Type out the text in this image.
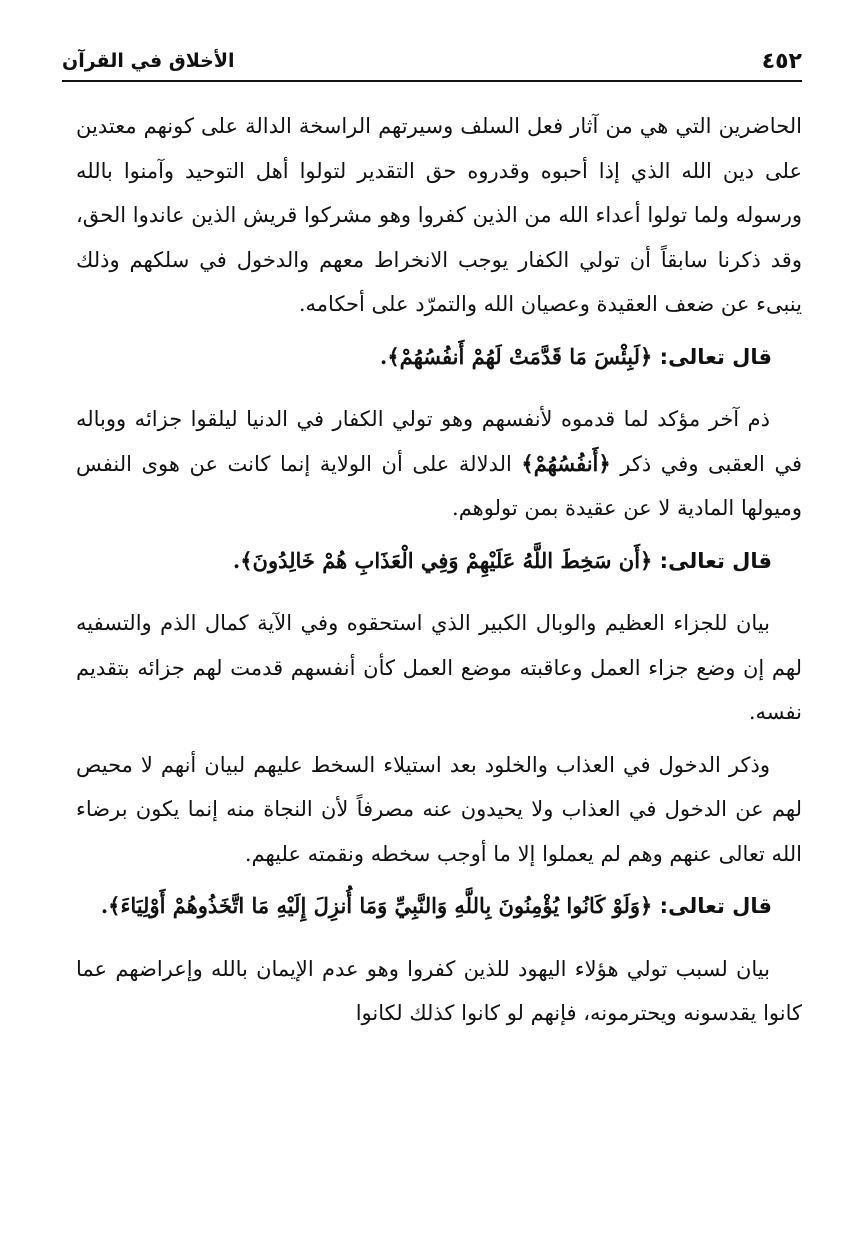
٤٥٢
الأخلاق في القرآن

الحاضرين التي هي من آثار فعل السلف وسيرتهم الراسخة الدالة على كونهم معتدين على دين الله الذي إذا أحبوه وقدروه حق التقدير لتولوا أهل التوحيد وآمنوا بالله ورسوله ولما تولوا أعداء الله من الذين كفروا وهو مشركوا قريش الذين عاندوا الحق، وقد ذكرنا سابقاً أن تولي الكفار يوجب الانخراط معهم والدخول في سلكهم وذلك ينبىء عن ضعف العقيدة وعصيان الله والتمرّد على أحكامه.

قال تعالى: ﴿لَبِئْسَ مَا قَدَّمَتْ لَهُمْ أَنفُسُهُمْ﴾.

ذم آخر مؤكد لما قدموه لأنفسهم وهو تولي الكفار في الدنيا ليلقوا جزائه ووباله في العقبى وفي ذكر ﴿أَنفُسُهُمْ﴾ الدلالة على أن الولاية إنما كانت عن هوى النفس وميولها المادية لا عن عقيدة بمن تولوهم.

قال تعالى: ﴿أَن سَخِطَ اللَّهُ عَلَيْهِمْ وَفِي الْعَذَابِ هُمْ خَالِدُونَ﴾.

بيان للجزاء العظيم والوبال الكبير الذي استحقوه وفي الآية كمال الذم والتسفيه لهم إن وضع جزاء العمل وعاقبته موضع العمل كأن أنفسهم قدمت لهم جزائه بتقديم نفسه.

وذكر الدخول في العذاب والخلود بعد استيلاء السخط عليهم لبيان أنهم لا محيص لهم عن الدخول في العذاب ولا يحيدون عنه مصرفاً لأن النجاة منه إنما يكون برضاء الله تعالى عنهم وهم لم يعملوا إلا ما أوجب سخطه ونقمته عليهم.

قال تعالى: ﴿وَلَوْ كَانُوا يُؤْمِنُونَ بِاللَّهِ وَالنَّبِيِّ وَمَا أُنزِلَ إِلَيْهِ مَا اتَّخَذُوهُمْ أَوْلِيَاءَ﴾.

بيان لسبب تولي هؤلاء اليهود للذين كفروا وهو عدم الإيمان بالله وإعراضهم عما كانوا يقدسونه ويحترمونه، فإنهم لو كانوا كذلك لكانوا
